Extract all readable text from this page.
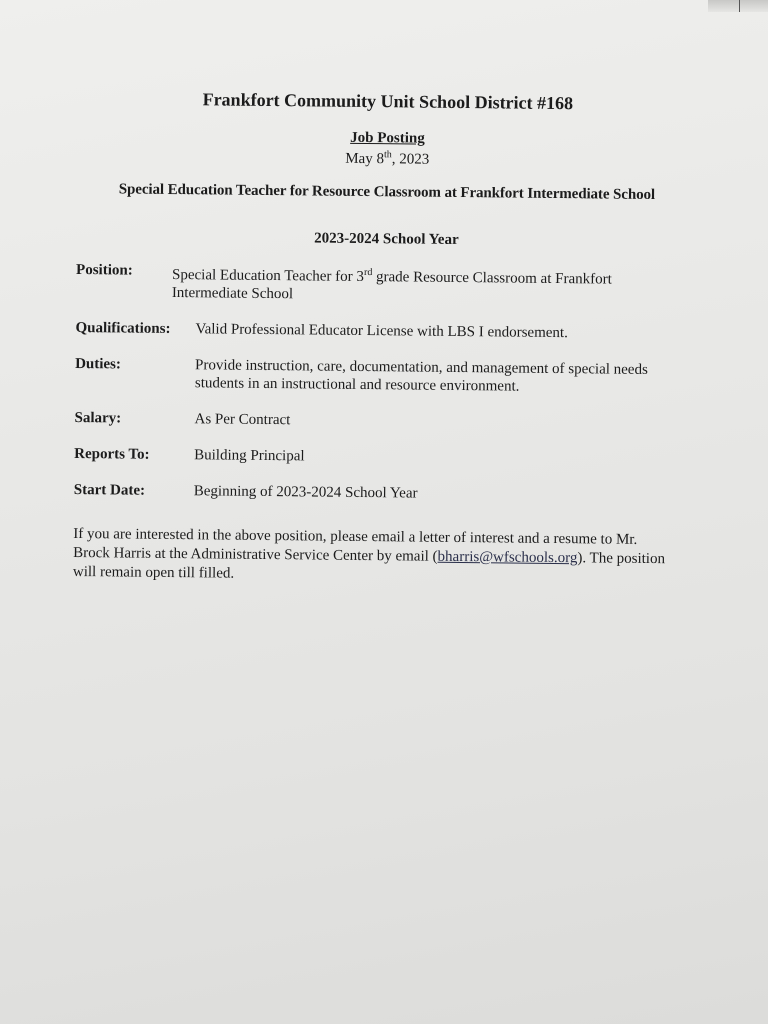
Frankfort Community Unit School District #168
Job Posting
May 8th, 2023
Special Education Teacher for Resource Classroom at Frankfort Intermediate School
2023-2024 School Year
Position:	Special Education Teacher for 3rd grade Resource Classroom at Frankfort Intermediate School
Qualifications:	Valid Professional Educator License with LBS I endorsement.
Duties:	Provide instruction, care, documentation, and management of special needs students in an instructional and resource environment.
Salary:	As Per Contract
Reports To:	Building Principal
Start Date:	Beginning of 2023-2024 School Year
If you are interested in the above position, please email a letter of interest and a resume to Mr. Brock Harris at the Administrative Service Center by email (bharris@wfschools.org). The position will remain open till filled.
